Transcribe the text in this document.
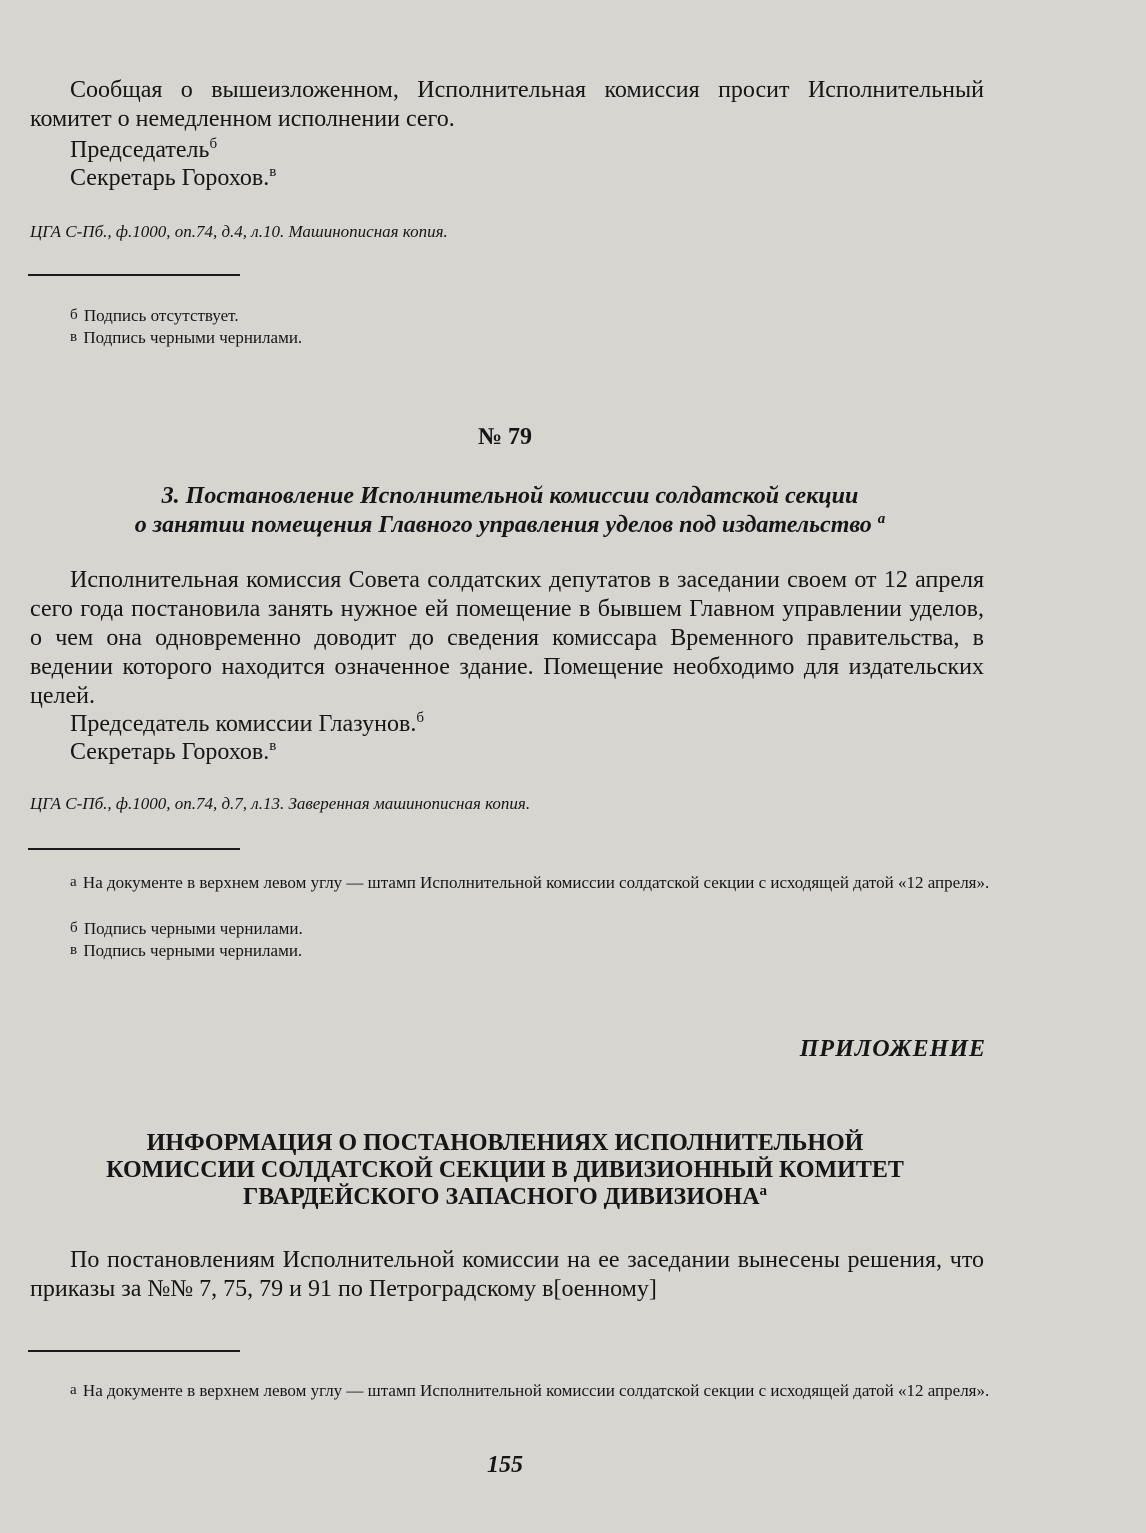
Сообщая о вышеизложенном, Исполнительная комиссия просит Исполнительный комитет о немедленном исполнении сего.

Председатель$^б$

Секретарь Горохов.$^в$

ЦГА С-Пб., ф.1000, оп.74, д.4, л.10. Машинописная копия.

б Подпись отсутствует.

в Подпись черными чернилами.

№ 79

3. Постановление Исполнительной комиссии солдатской секции
о занятии помещения Главного управления уделов под издательство $^а$

Исполнительная комиссия Совета солдатских депутатов в заседании своем от 12 апреля сего года постановила занять нужное ей помещение в бывшем Главном управлении уделов, о чем она одновременно доводит до сведения комиссара Временного правительства, в ведении которого находится означенное здание. Помещение необходимо для издательских целей.

Председатель комиссии Глазунов.$^б$

Секретарь Горохов.$^в$

ЦГА С-Пб., ф.1000, оп.74, д.7, л.13. Заверенная машинописная копия.

а На документе в верхнем левом углу — штамп Исполнительной комиссии солдатской секции с исходящей датой «12 апреля».

б Подпись черными чернилами.

в Подпись черными чернилами.

ПРИЛОЖЕНИЕ

ИНФОРМАЦИЯ О ПОСТАНОВЛЕНИЯХ ИСПОЛНИТЕЛЬНОЙ
КОМИССИИ СОЛДАТСКОЙ СЕКЦИИ В ДИВИЗИОННЫЙ КОМИТЕТ
ГВАРДЕЙСКОГО ЗАПАСНОГО $ДИВИЗИОНА^а$

По постановлениям Исполнительной комиссии на ее заседании вынесены решения, что приказы за №№ 7, 75, 79 и 91 по Петроградскому в[оенному]

а На документе в верхнем левом углу — штамп Исполнительной комиссии солдатской секции с исходящей датой «12 апреля».

155
